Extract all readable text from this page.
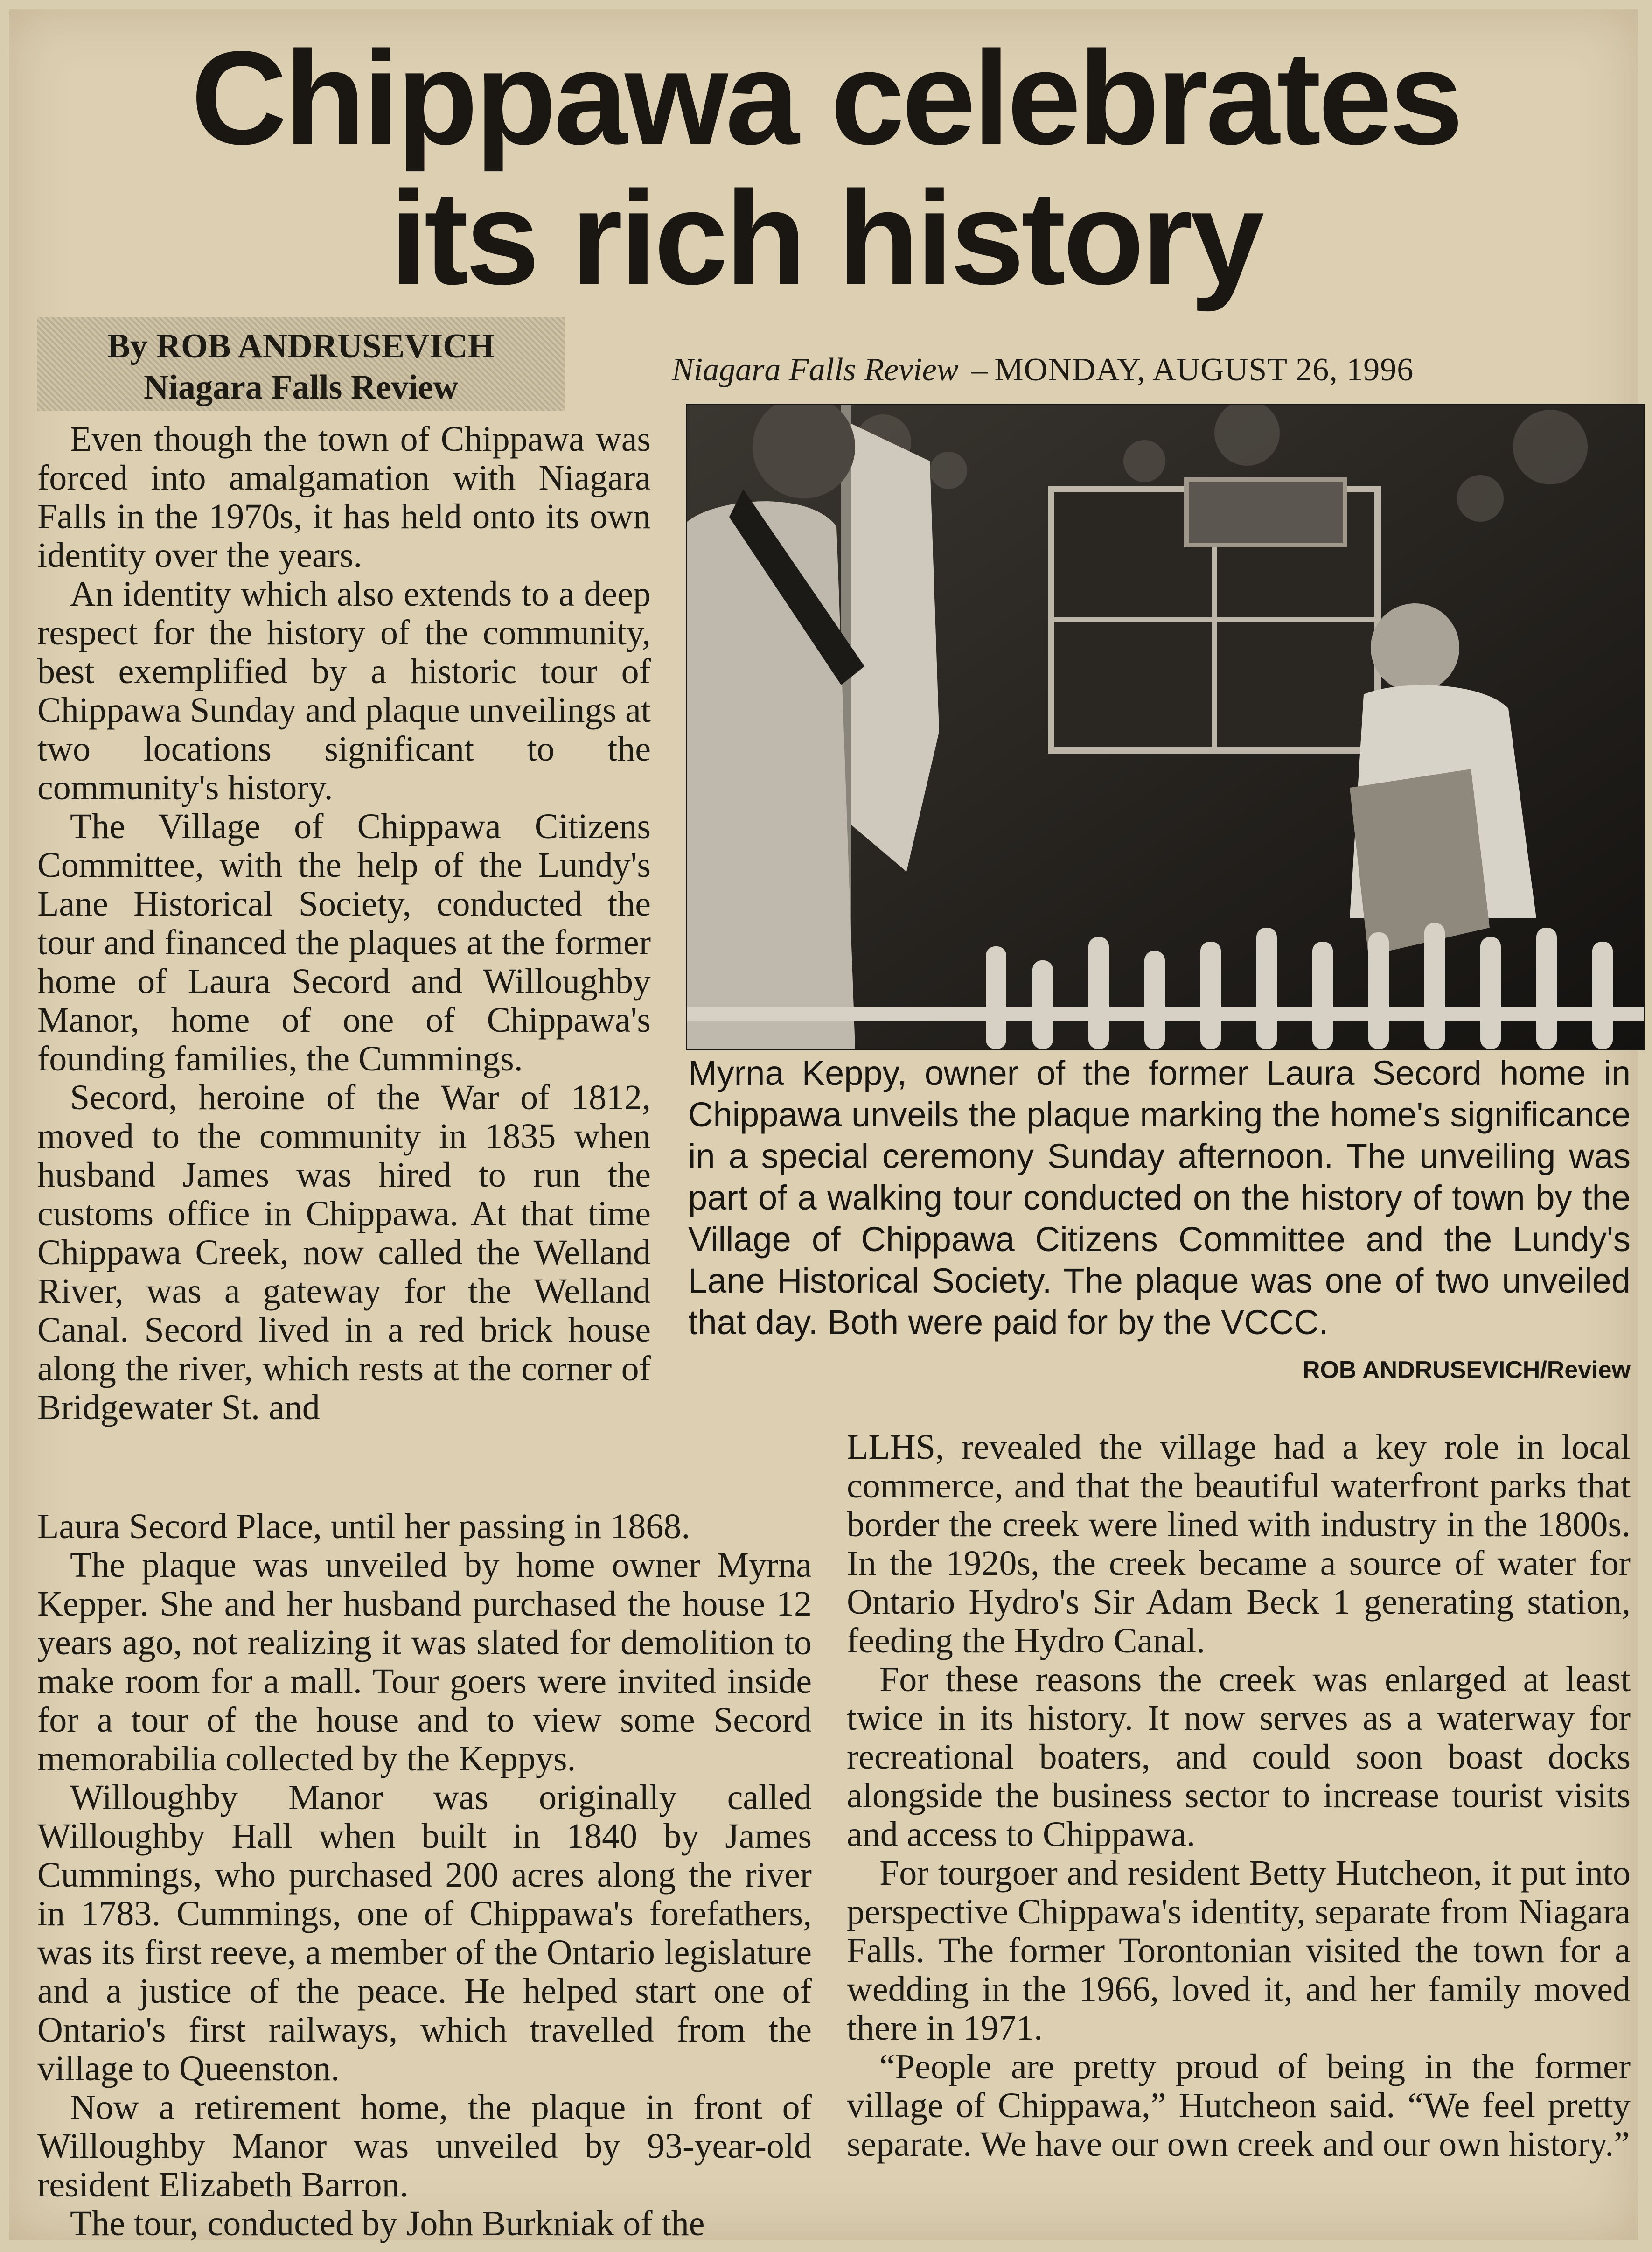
Chippawa celebrates its rich history
By ROB ANDRUSEVICH
Niagara Falls Review	Niagara Falls Review – MONDAY, AUGUST 26, 1996
Myrna Keppy, owner of the former Laura Secord home in Chippawa unveils the plaque marking the home's significance in a special ceremony Sunday afternoon. The unveiling was part of a walking tour conducted on the history of town by the Village of Chippawa Citizens Committee and the Lundy's Lane Historical Society. The plaque was one of two unveiled that day. Both were paid for by the VCCC.
ROB ANDRUSEVICH/Review

Even though the town of Chippawa was forced into amalgamation with Niagara Falls in the 1970s, it has held onto its own identity over the years.

An identity which also extends to a deep respect for the history of the community, best exemplified by a historic tour of Chippawa Sunday and plaque unveilings at two locations significant to the community's history.

The Village of Chippawa Citizens Committee, with the help of the Lundy's Lane Historical Society, conducted the tour and financed the plaques at the former home of Laura Secord and Willoughby Manor, home of one of Chippawa's founding families, the Cummings.

Secord, heroine of the War of 1812, moved to the community in 1835 when husband James was hired to run the customs office in Chippawa. At that time Chippawa Creek, now called the Welland River, was a gateway for the Welland Canal. Secord lived in a red brick house along the river, which rests at the corner of Bridgewater St. and

Laura Secord Place, until her passing in 1868.

The plaque was unveiled by home owner Myrna Kepper. She and her husband purchased the house 12 years ago, not realizing it was slated for demolition to make room for a mall. Tour goers were invited inside for a tour of the house and to view some Secord memorabilia collected by the Keppys.

Willoughby Manor was originally called Willoughby Hall when built in 1840 by James Cummings, who purchased 200 acres along the river in 1783. Cummings, one of Chippawa's forefathers, was its first reeve, a member of the Ontario legislature and a justice of the peace. He helped start one of Ontario's first railways, which travelled from the village to Queenston.

Now a retirement home, the plaque in front of Willoughby Manor was unveiled by 93-year-old resident Elizabeth Barron.

The tour, conducted by John Burkniak of the

LLHS, revealed the village had a key role in local commerce, and that the beautiful waterfront parks that border the creek were lined with industry in the 1800s. In the 1920s, the creek became a source of water for Ontario Hydro's Sir Adam Beck 1 generating station, feeding the Hydro Canal.

For these reasons the creek was enlarged at least twice in its history. It now serves as a waterway for recreational boaters, and could soon boast docks alongside the business sector to increase tourist visits and access to Chippawa.

For tourgoer and resident Betty Hutcheon, it put into perspective Chippawa's identity, separate from Niagara Falls. The former Torontonian visited the town for a wedding in the 1966, loved it, and her family moved there in 1971.

“People are pretty proud of being in the former village of Chippawa,” Hutcheon said. “We feel pretty separate. We have our own creek and our own history.”
